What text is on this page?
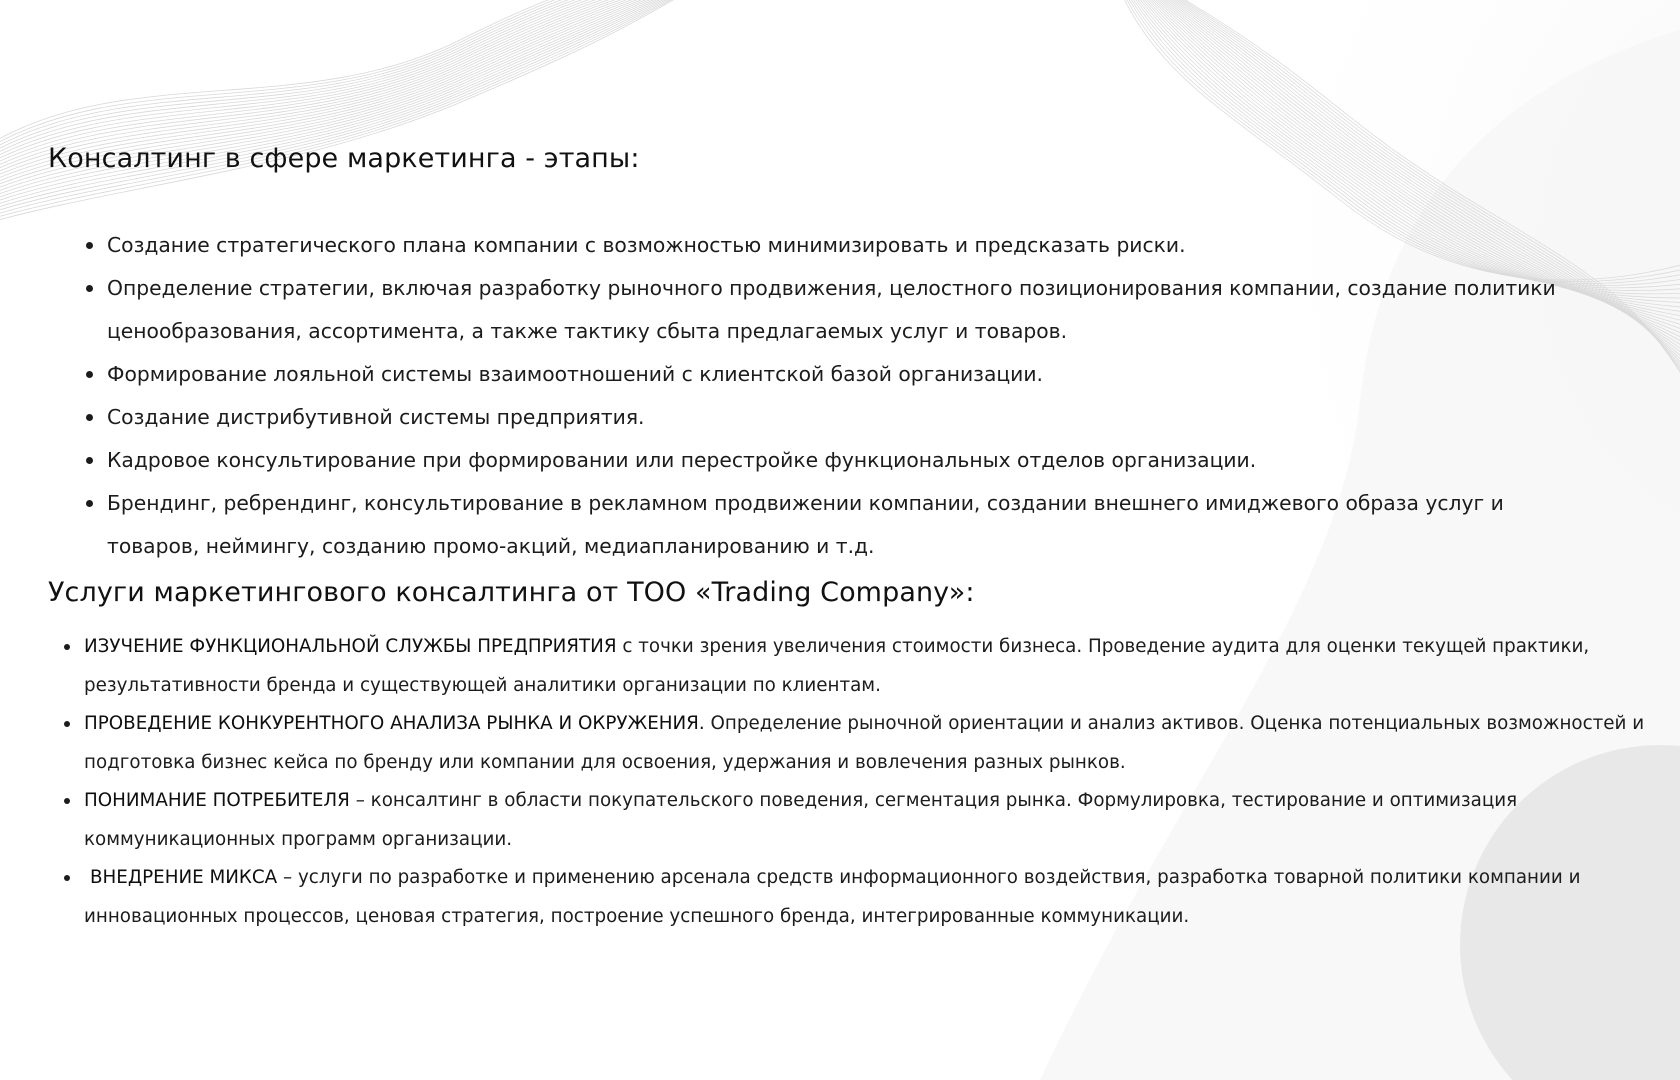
Консалтинг в сфере маркетинга - этапы:
Создание стратегического плана компании с возможностью минимизировать и предсказать риски.
Определение стратегии, включая разработку рыночного продвижения, целостного позиционирования компании, создание политики ценообразования, ассортимента, а также тактику сбыта предлагаемых услуг и товаров.
Формирование лояльной системы взаимоотношений с клиентской базой организации.
Создание дистрибутивной системы предприятия.
Кадровое консультирование при формировании или перестройке функциональных отделов организации.
Брендинг, ребрендинг, консультирование в рекламном продвижении компании, создании внешнего имиджевого образа услуг и товаров, неймингу, созданию промо-акций, медиапланированию и т.д.
Услуги маркетингового консалтинга от ТОО «Trading Company»:
ИЗУЧЕНИЕ ФУНКЦИОНАЛЬНОЙ СЛУЖБЫ ПРЕДПРИЯТИЯ с точки зрения увеличения стоимости бизнеса. Проведение аудита для оценки текущей практики, результативности бренда и существующей аналитики организации по клиентам.
ПРОВЕДЕНИЕ КОНКУРЕНТНОГО АНАЛИЗА РЫНКА И ОКРУЖЕНИЯ. Определение рыночной ориентации и анализ активов. Оценка потенциальных возможностей и подготовка бизнес кейса по бренду или компании для освоения, удержания и вовлечения разных рынков.
ПОНИМАНИЕ ПОТРЕБИТЕЛЯ – консалтинг в области покупательского поведения, сегментация рынка. Формулировка, тестирование и оптимизация коммуникационных программ организации.
ВНЕДРЕНИЕ МИКСА – услуги по разработке и применению арсенала средств информационного воздействия, разработка товарной политики компании и инновационных процессов, ценовая стратегия, построение успешного бренда, интегрированные коммуникации.
